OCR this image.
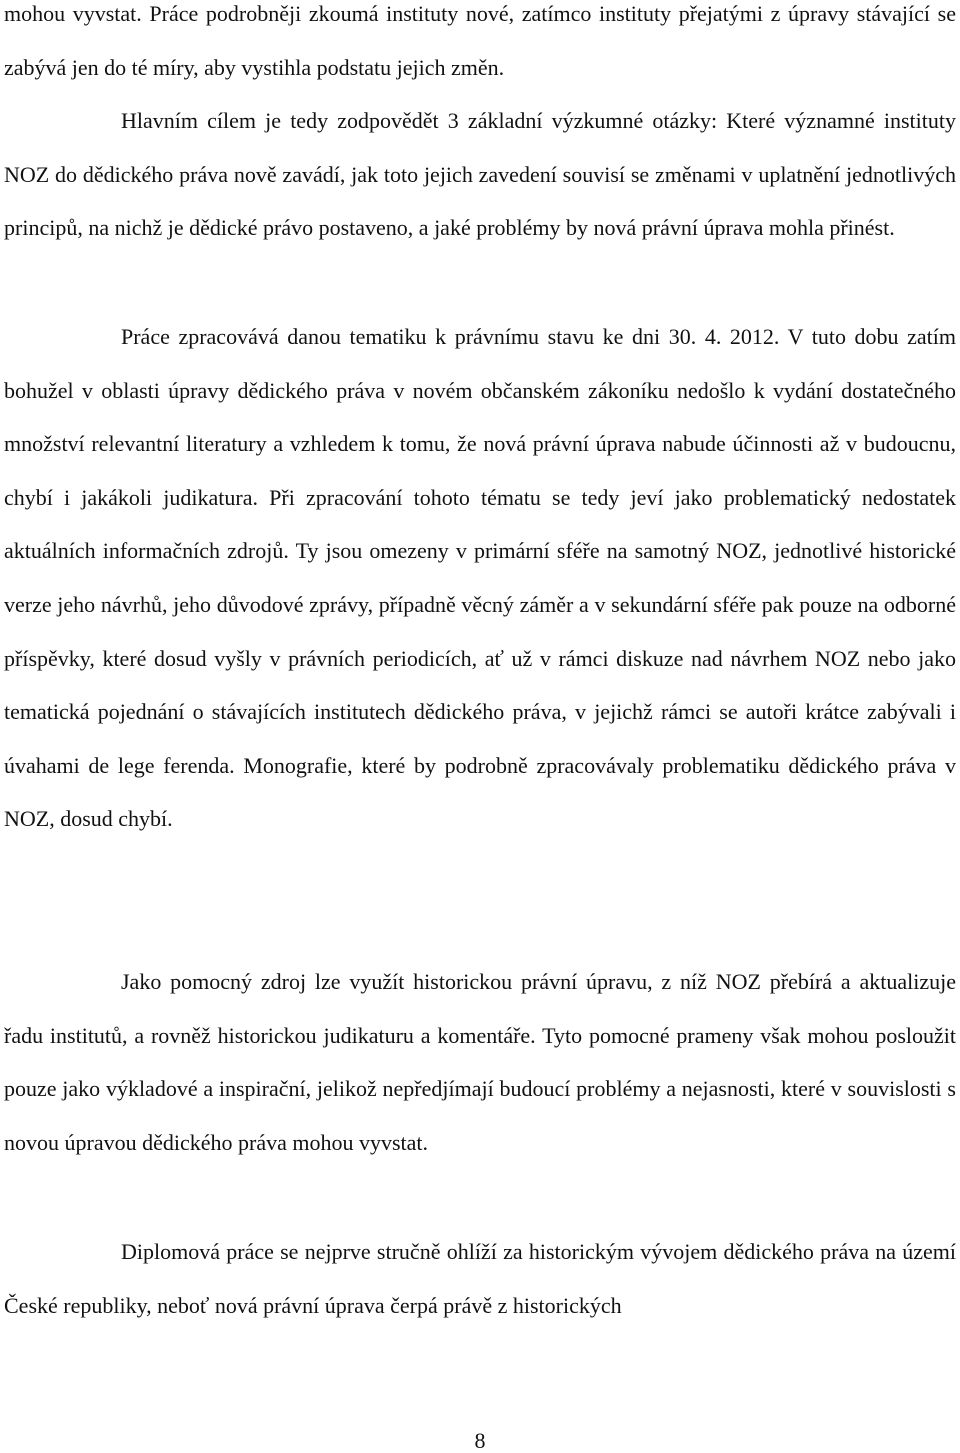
mohou vyvstat. Práce podrobněji zkoumá instituty nové, zatímco instituty přejatými z úpravy stávající se zabývá jen do té míry, aby vystihla podstatu jejich změn.

Hlavním cílem je tedy zodpovědět 3 základní výzkumné otázky: Které významné instituty NOZ do dědického práva nově zavádí, jak toto jejich zavedení souvisí se změnami v uplatnění jednotlivých principů, na nichž je dědické právo postaveno, a jaké problémy by nová právní úprava mohla přinést.

Práce zpracovává danou tematiku k právnímu stavu ke dni 30. 4. 2012. V tuto dobu zatím bohužel v oblasti úpravy dědického práva v novém občanském zákoníku nedošlo k vydání dostatečného množství relevantní literatury a vzhledem k tomu, že nová právní úprava nabude účinnosti až v budoucnu, chybí i jakákoli judikatura. Při zpracování tohoto tématu se tedy jeví jako problematický nedostatek aktuálních informačních zdrojů. Ty jsou omezeny v primární sféře na samotný NOZ, jednotlivé historické verze jeho návrhů, jeho důvodové zprávy, případně věcný záměr a v sekundární sféře pak pouze na odborné příspěvky, které dosud vyšly v právních periodicích, ať už v rámci diskuze nad návrhem NOZ nebo jako tematická pojednání o stávajících institutech dědického práva, v jejichž rámci se autoři krátce zabývali i úvahami de lege ferenda. Monografie, které by podrobně zpracovávaly problematiku dědického práva v NOZ, dosud chybí.

Jako pomocný zdroj lze využít historickou právní úpravu, z níž NOZ přebírá a aktualizuje řadu institutů, a rovněž historickou judikaturu a komentáře. Tyto pomocné prameny však mohou posloužit pouze jako výkladové a inspirační, jelikož nepředjímají budoucí problémy a nejasnosti, které v souvislosti s novou úpravou dědického práva mohou vyvstat.

Diplomová práce se nejprve stručně ohlíží za historickým vývojem dědického práva na území České republiky, neboť nová právní úprava čerpá právě z historických

8
